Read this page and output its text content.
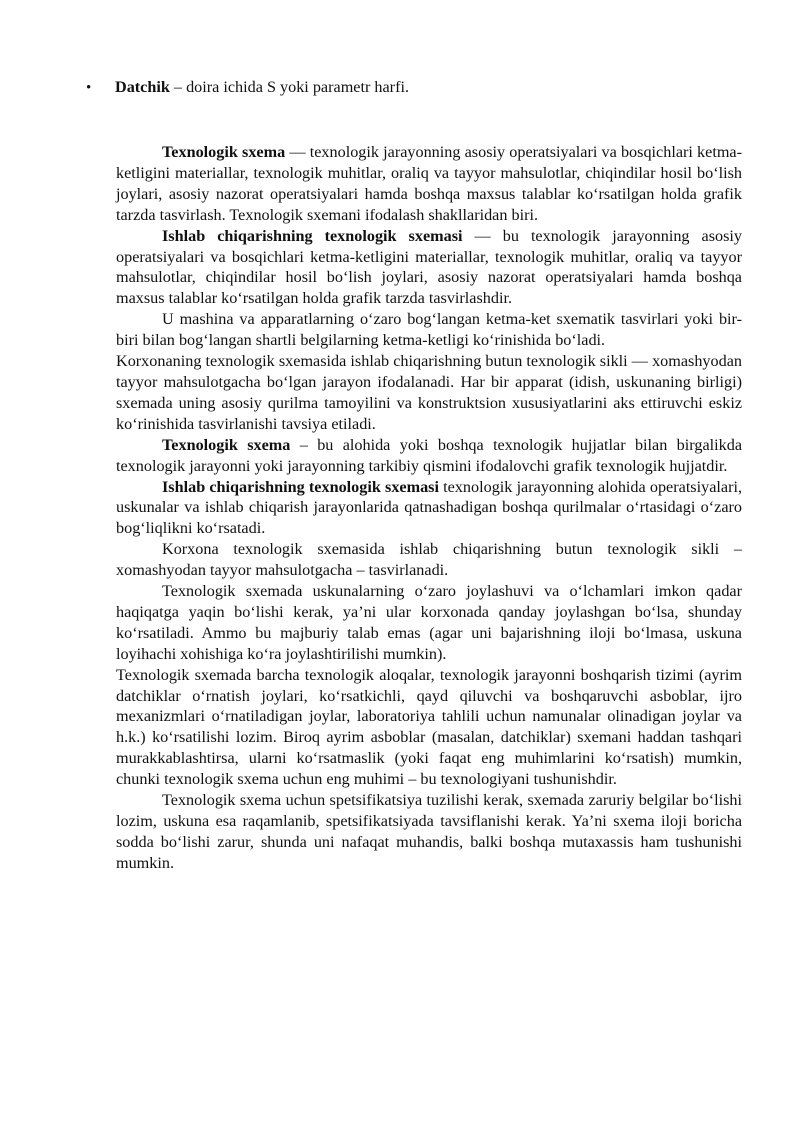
• Datchik – doira ichida S yoki parametr harfi.

Texnologik sxema — texnologik jarayonning asosiy operatsiyalari va bosqichlari ketma-ketligini materiallar, texnologik muhitlar, oraliq va tayyor mahsulotlar, chiqindilar hosil bo‘lish joylari, asosiy nazorat operatsiyalari hamda boshqa maxsus talablar ko‘rsatilgan holda grafik tarzda tasvirlash. Texnologik sxemani ifodalash shakllaridan biri.

Ishlab chiqarishning texnologik sxemasi — bu texnologik jarayonning asosiy operatsiyalari va bosqichlari ketma-ketligini materiallar, texnologik muhitlar, oraliq va tayyor mahsulotlar, chiqindilar hosil bo‘lish joylari, asosiy nazorat operatsiyalari hamda boshqa maxsus talablar ko‘rsatilgan holda grafik tarzda tasvirlashdir.

U mashina va apparatlarning o‘zaro bog‘langan ketma-ket sxematik tasvirlari yoki bir-biri bilan bog‘langan shartli belgilarning ketma-ketligi ko‘rinishida bo‘ladi.

Korxonaning texnologik sxemasida ishlab chiqarishning butun texnologik sikli — xomashyodan tayyor mahsulotgacha bo‘lgan jarayon ifodalanadi. Har bir apparat (idish, uskunaning birligi) sxemada uning asosiy qurilma tamoyilini va konstruktsion xususiyatlarini aks ettiruvchi eskiz ko‘rinishida tasvirlanishi tavsiya etiladi.

Texnologik sxema – bu alohida yoki boshqa texnologik hujjatlar bilan birgalikda texnologik jarayonni yoki jarayonning tarkibiy qismini ifodalovchi grafik texnologik hujjatdir.

Ishlab chiqarishning texnologik sxemasi texnologik jarayonning alohida operatsiyalari, uskunalar va ishlab chiqarish jarayonlarida qatnashadigan boshqa qurilmalar o‘rtasidagi o‘zaro bog‘liqlikni ko‘rsatadi.

Korxona texnologik sxemasida ishlab chiqarishning butun texnologik sikli – xomashyodan tayyor mahsulotgacha – tasvirlanadi.

Texnologik sxemada uskunalarning o‘zaro joylashuvi va o‘lchamlari imkon qadar haqiqatga yaqin bo‘lishi kerak, ya’ni ular korxonada qanday joylashgan bo‘lsa, shunday ko‘rsatiladi. Ammo bu majburiy talab emas (agar uni bajarishning iloji bo‘lmasa, uskuna loyihachi xohishiga ko‘ra joylashtirilishi mumkin).

Texnologik sxemada barcha texnologik aloqalar, texnologik jarayonni boshqarish tizimi (ayrim datchiklar o‘rnatish joylari, ko‘rsatkichli, qayd qiluvchi va boshqaruvchi asboblar, ijro mexanizmlari o‘rnatiladigan joylar, laboratoriya tahlili uchun namunalar olinadigan joylar va h.k.) ko‘rsatilishi lozim. Biroq ayrim asboblar (masalan, datchiklar) sxemani haddan tashqari murakkablashtirsa, ularni ko‘rsatmaslik (yoki faqat eng muhimlarini ko‘rsatish) mumkin, chunki texnologik sxema uchun eng muhimi – bu texnologiyani tushunishdir.

Texnologik sxema uchun spetsifikatsiya tuzilishi kerak, sxemada zaruriy belgilar bo‘lishi lozim, uskuna esa raqamlanib, spetsifikatsiyada tavsiflanishi kerak. Ya’ni sxema iloji boricha sodda bo‘lishi zarur, shunda uni nafaqat muhandis, balki boshqa mutaxassis ham tushunishi mumkin.
